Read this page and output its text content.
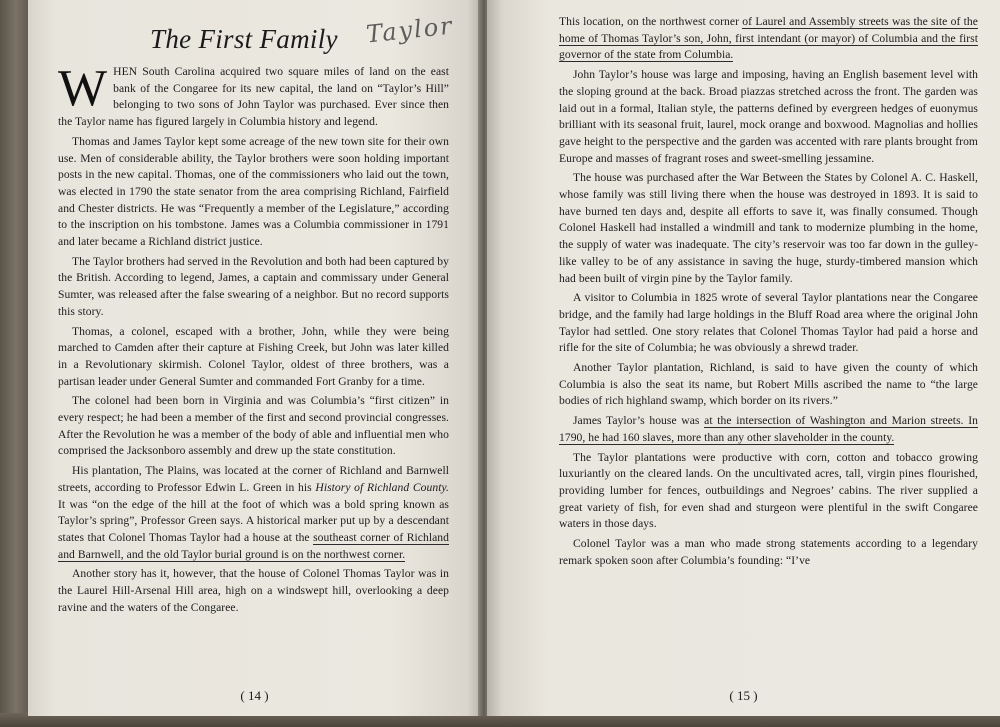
The First Family Taylor

WHEN South Carolina acquired two square miles of land on the east bank of the Congaree for its new capital, the land on “Taylor’s Hill” belonging to two sons of John Taylor was purchased. Ever since then the Taylor name has figured largely in Columbia history and legend.

Thomas and James Taylor kept some acreage of the new town site for their own use. Men of considerable ability, the Taylor brothers were soon holding important posts in the new capital. Thomas, one of the commissioners who laid out the town, was elected in 1790 the state senator from the area comprising Richland, Fairfield and Chester districts. He was “Frequently a member of the Legislature,” according to the inscription on his tombstone. James was a Columbia commissioner in 1791 and later became a Richland district justice.

The Taylor brothers had served in the Revolution and both had been captured by the British. According to legend, James, a captain and commissary under General Sumter, was released after the false swearing of a neighbor. But no record supports this story.

Thomas, a colonel, escaped with a brother, John, while they were being marched to Camden after their capture at Fishing Creek, but John was later killed in a Revolutionary skirmish. Colonel Taylor, oldest of three brothers, was a partisan leader under General Sumter and commanded Fort Granby for a time.

The colonel had been born in Virginia and was Columbia’s “first citizen” in every respect; he had been a member of the first and second provincial congresses. After the Revolution he was a member of the body of able and influential men who comprised the Jacksonboro assembly and drew up the state constitution.

His plantation, The Plains, was located at the corner of Richland and Barnwell streets, according to Professor Edwin L. Green in his History of Richland County. It was “on the edge of the hill at the foot of which was a bold spring known as Taylor’s spring”, Professor Green says. A historical marker put up by a descendant states that Colonel Thomas Taylor had a house at the southeast corner of Richland and Barnwell, and the old Taylor burial ground is on the northwest corner.

Another story has it, however, that the house of Colonel Thomas Taylor was in the Laurel Hill-Arsenal Hill area, high on a windswept hill, overlooking a deep ravine and the waters of the Congaree.

( 14 )

This location, on the northwest corner of Laurel and Assembly streets was the site of the home of Thomas Taylor’s son, John, first intendant (or mayor) of Columbia and the first governor of the state from Columbia.

John Taylor’s house was large and imposing, having an English basement level with the sloping ground at the back. Broad piazzas stretched across the front. The garden was laid out in a formal, Italian style, the patterns defined by evergreen hedges of euonymus brilliant with its seasonal fruit, laurel, mock orange and boxwood. Magnolias and hollies gave height to the perspective and the garden was accented with rare plants brought from Europe and masses of fragrant roses and sweet-smelling jessamine.

The house was purchased after the War Between the States by Colonel A. C. Haskell, whose family was still living there when the house was destroyed in 1893. It is said to have burned ten days and, despite all efforts to save it, was finally consumed. Though Colonel Haskell had installed a windmill and tank to modernize plumbing in the home, the supply of water was inadequate. The city’s reservoir was too far down in the gulley-like valley to be of any assistance in saving the huge, sturdy-timbered mansion which had been built of virgin pine by the Taylor family.

A visitor to Columbia in 1825 wrote of several Taylor plantations near the Congaree bridge, and the family had large holdings in the Bluff Road area where the original John Taylor had settled. One story relates that Colonel Thomas Taylor had paid a horse and rifle for the site of Columbia; he was obviously a shrewd trader.

Another Taylor plantation, Richland, is said to have given the county of which Columbia is also the seat its name, but Robert Mills ascribed the name to “the large bodies of rich highland swamp, which border on its rivers.”

James Taylor’s house was at the intersection of Washington and Marion streets. In 1790, he had 160 slaves, more than any other slaveholder in the county.

The Taylor plantations were productive with corn, cotton and tobacco growing luxuriantly on the cleared lands. On the uncultivated acres, tall, virgin pines flourished, providing lumber for fences, outbuildings and Negroes’ cabins. The river supplied a great variety of fish, for even shad and sturgeon were plentiful in the swift Congaree waters in those days.

Colonel Taylor was a man who made strong statements according to a legendary remark spoken soon after Columbia’s founding: “I’ve

( 15 )
